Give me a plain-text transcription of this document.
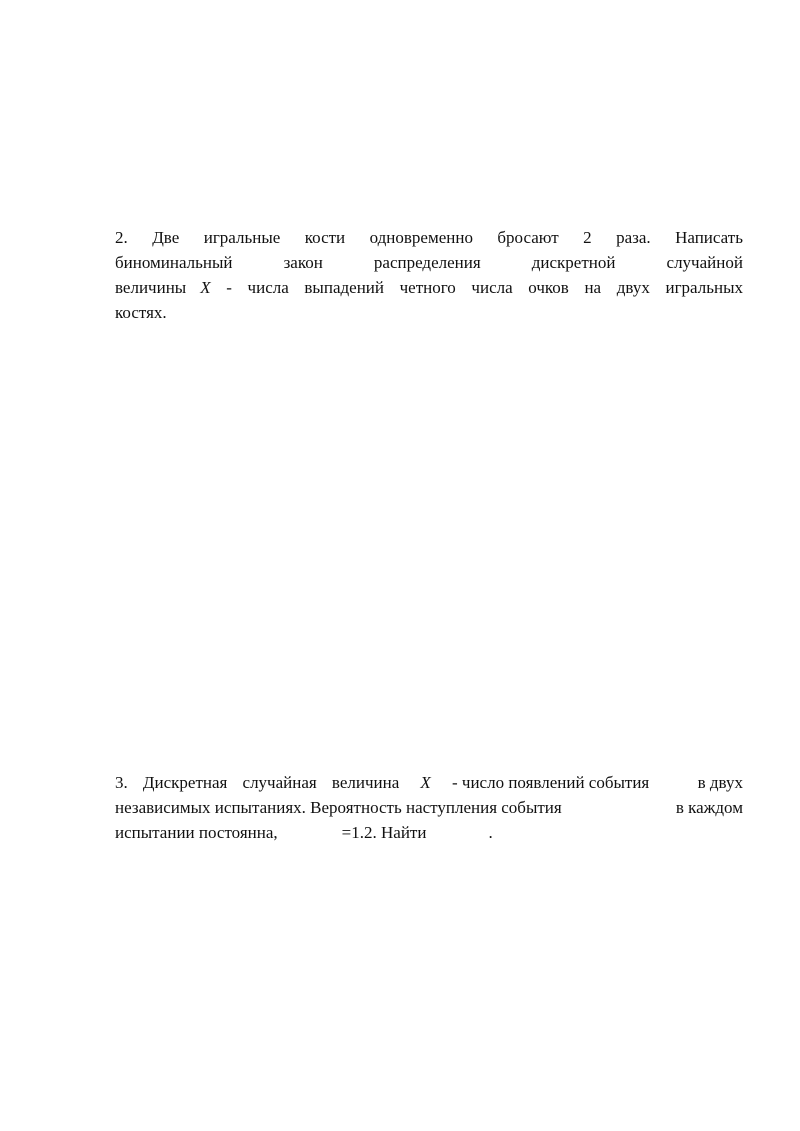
2. Две игральные кости одновременно бросают 2 раза. Написать
биноминальный	закон	распределения	дискретной	случайной
величины X - числа выпадений четного числа очков на двух игральных
костях.
3. Дискретная случайная величина X - число появлений события	в двух
независимых испытаниях. Вероятность наступления события	в каждом
испытании постоянна,	=1.2. Найти	.
